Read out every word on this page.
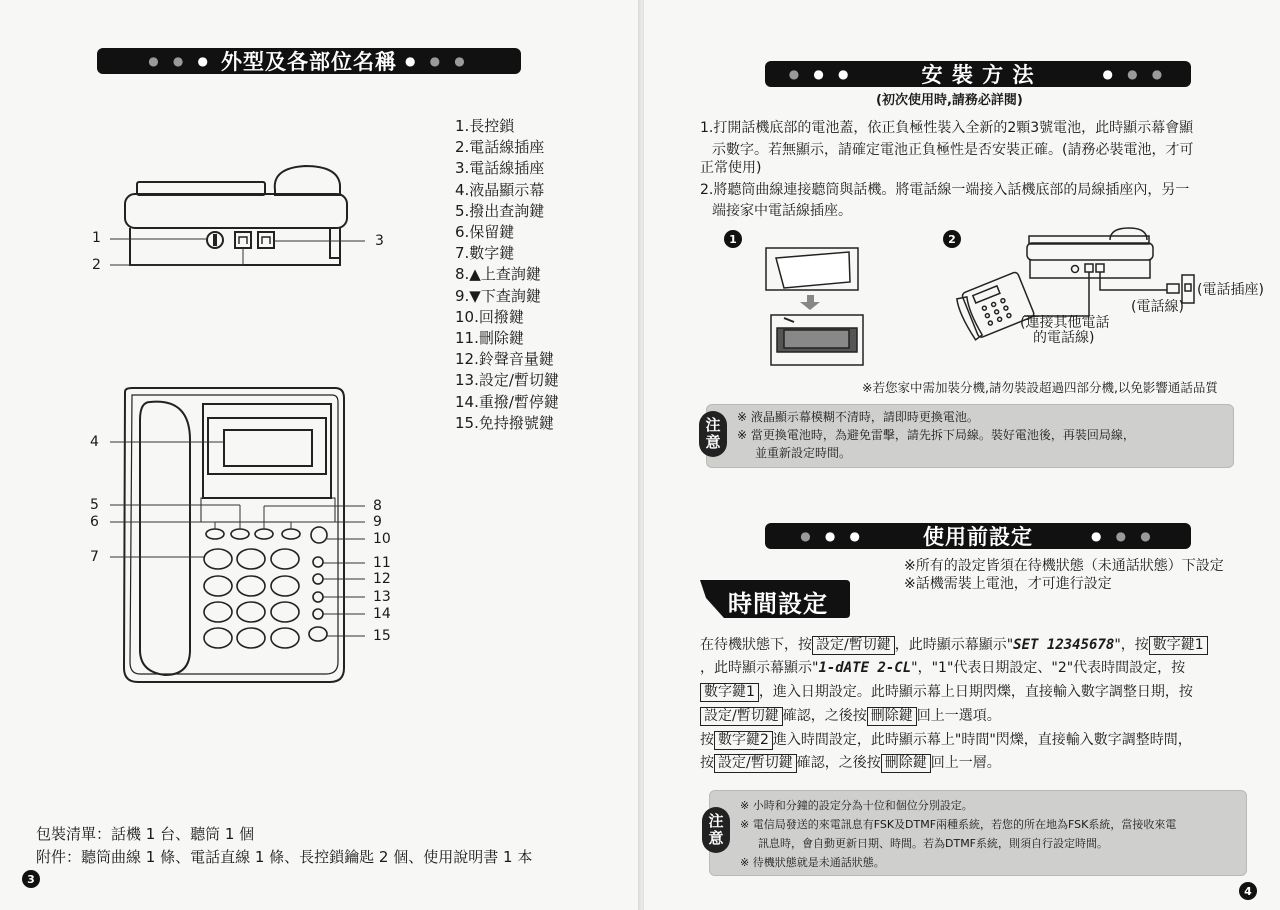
● ● ● 外型及各部位名稱 ● ● ●
1
2
3
4
5
6
7
8
9
10
11
12
13
14
15
1.長控鎖
2.電話線插座
3.電話線插座
4.液晶顯示幕
5.撥出查詢鍵
6.保留鍵
7.數字鍵
8.▲上查詢鍵
9.▼下查詢鍵
10.回撥鍵
11.刪除鍵
12.鈴聲音量鍵
13.設定/暫切鍵
14.重撥/暫停鍵
15.免持撥號鍵
包裝清單：話機 1 台、聽筒 1 個
附件：聽筒曲線 1 條、電話直線 1 條、長控鎖鑰匙 2 個、使用說明書 1 本
3
● ● ●	安 裝 方 法	● ● ●
(初次使用時,請務必詳閱)
1.打開話機底部的電池蓋，依正負極性裝入全新的2顆3號電池，此時顯示幕會顯
示數字。若無顯示，請確定電池正負極性是否安裝正確。(請務必裝電池，才可
正常使用)
2.將聽筒曲線連接聽筒與話機。將電話線一端接入話機底部的局線插座內，另一
端接家中電話線插座。
1	2
(電話插座)
(電話線)
(連接其他電話
的電話線)
※若您家中需加裝分機,請勿裝設超過四部分機,以免影響通話品質
注
意
※ 液晶顯示幕模糊不清時，請即時更換電池。
※ 當更換電池時，為避免雷擊，請先拆下局線。裝好電池後，再裝回局線，
並重新設定時間。
● ● ●	使用前設定	● ● ●
※所有的設定皆須在待機狀態（未通話狀態）下設定
※話機需裝上電池，才可進行設定
時間設定
在待機狀態下，按 設定/暫切鍵 ，此時顯示幕顯示"SET 12345678"，按 數字鍵1
，此時顯示幕顯示"1-dATE 2-CL"，"1"代表日期設定、"2"代表時間設定，按
數字鍵1 ，進入日期設定。此時顯示幕上日期閃爍，直接輸入數字調整日期，按
設定/暫切鍵 確認，之後按 刪除鍵 回上一選項。
按 數字鍵2 進入時間設定，此時顯示幕上"時間"閃爍，直接輸入數字調整時間，
按 設定/暫切鍵 確認，之後按 刪除鍵 回上一層。
注
意
※ 小時和分鐘的設定分為十位和個位分別設定。
※ 電信局發送的來電訊息有FSK及DTMF兩種系統，若您的所在地為FSK系統，當接收來電
訊息時，會自動更新日期、時間。若為DTMF系統，則須自行設定時間。
※ 待機狀態就是未通話狀態。
4
